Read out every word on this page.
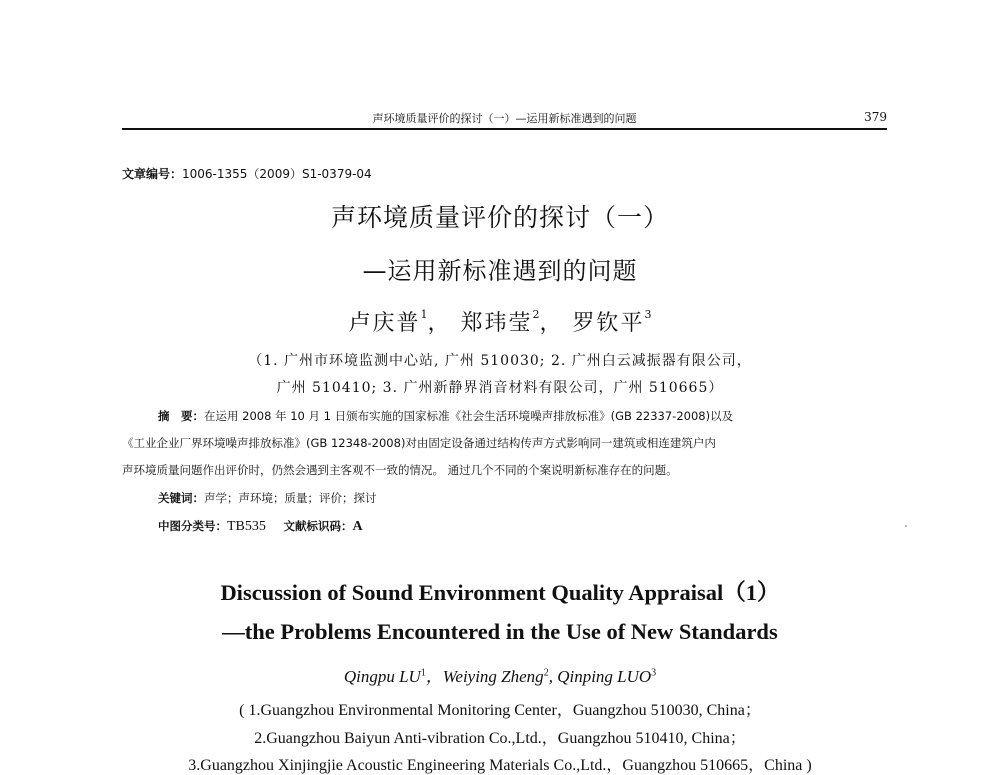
声环境质量评价的探讨（一）—运用新标准遇到的问题	379
文章编号：1006-1355（2009）S1-0379-04
声环境质量评价的探讨（一）
—运用新标准遇到的问题
卢庆普$^1$， 郑玮莹$^2$， 罗钦平$^3$
（1. 广州市环境监测中心站, 广州 510030; 2. 广州白云减振器有限公司，
广州 510410; 3. 广州新静界消音材料有限公司，广州 510665）
摘　要：在运用 2008 年 10 月 1 日颁布实施的国家标准《社会生活环境噪声排放标准》(GB 22337-2008)以及
《工业企业厂界环境噪声排放标准》(GB 12348-2008)对由固定设备通过结构传声方式影响同一建筑或相连建筑户内
声环境质量问题作出评价时，仍然会遇到主客观不一致的情况。 通过几个不同的个案说明新标准存在的问题。
关键词：声学；声环境；质量；评价；探讨
中图分类号：TB535 文献标识码：A
Discussion of Sound Environment Quality Appraisal（1）
—the Problems Encountered in the Use of New Standards
Qingpu $LU^1$，Weiying Zheng$^2$, Qinping LUO$^3$
( 1.Guangzhou Environmental Monitoring Center，Guangzhou 510030, China；
2.Guangzhou Baiyun Anti-vibration Co.,Ltd.，Guangzhou 510410, China；
3.Guangzhou Xinjingjie Acoustic Engineering Materials Co.,Ltd.，Guangzhou 510665，China )
